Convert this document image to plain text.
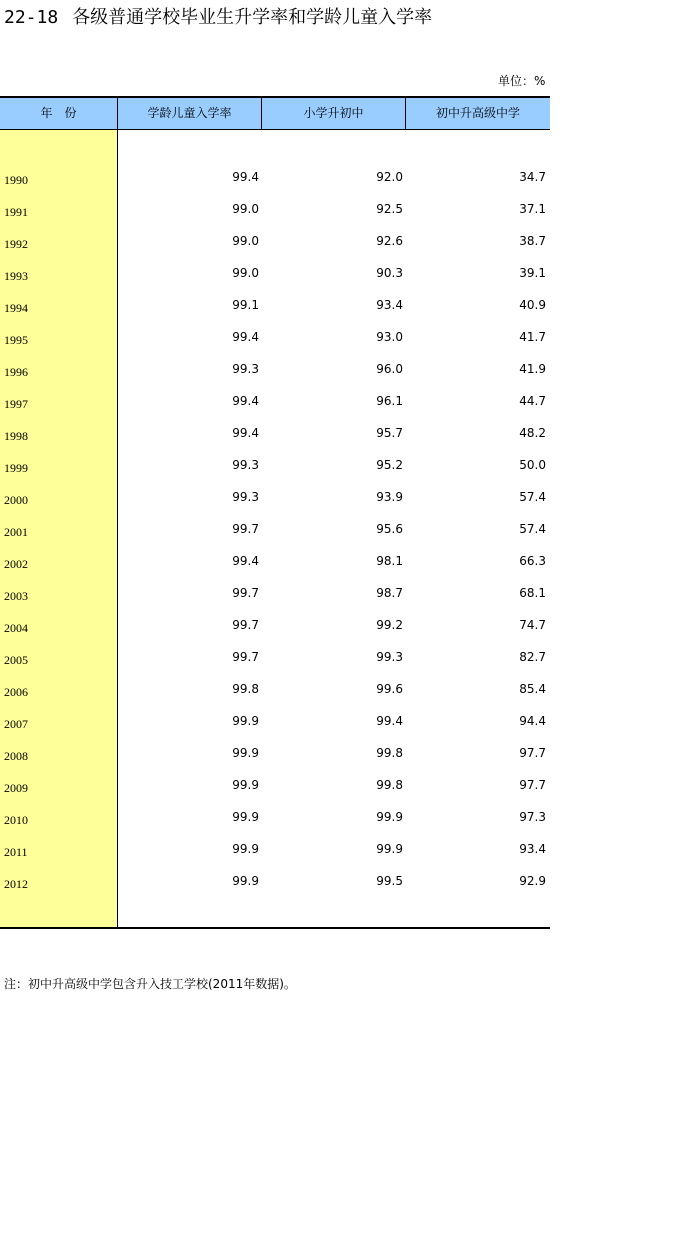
22-18 各级普通学校毕业生升学率和学龄儿童入学率
单位：%
年　份	学龄儿童入学率	小学升初中	初中升高级中学
1990	99.4	92.0	34.7
1991	99.0	92.5	37.1
1992	99.0	92.6	38.7
1993	99.0	90.3	39.1
1994	99.1	93.4	40.9
1995	99.4	93.0	41.7
1996	99.3	96.0	41.9
1997	99.4	96.1	44.7
1998	99.4	95.7	48.2
1999	99.3	95.2	50.0
2000	99.3	93.9	57.4
2001	99.7	95.6	57.4
2002	99.4	98.1	66.3
2003	99.7	98.7	68.1
2004	99.7	99.2	74.7
2005	99.7	99.3	82.7
2006	99.8	99.6	85.4
2007	99.9	99.4	94.4
2008	99.9	99.8	97.7
2009	99.9	99.8	97.7
2010	99.9	99.9	97.3
2011	99.9	99.9	93.4
2012	99.9	99.5	92.9
注：初中升高级中学包含升入技工学校(2011年数据)。
